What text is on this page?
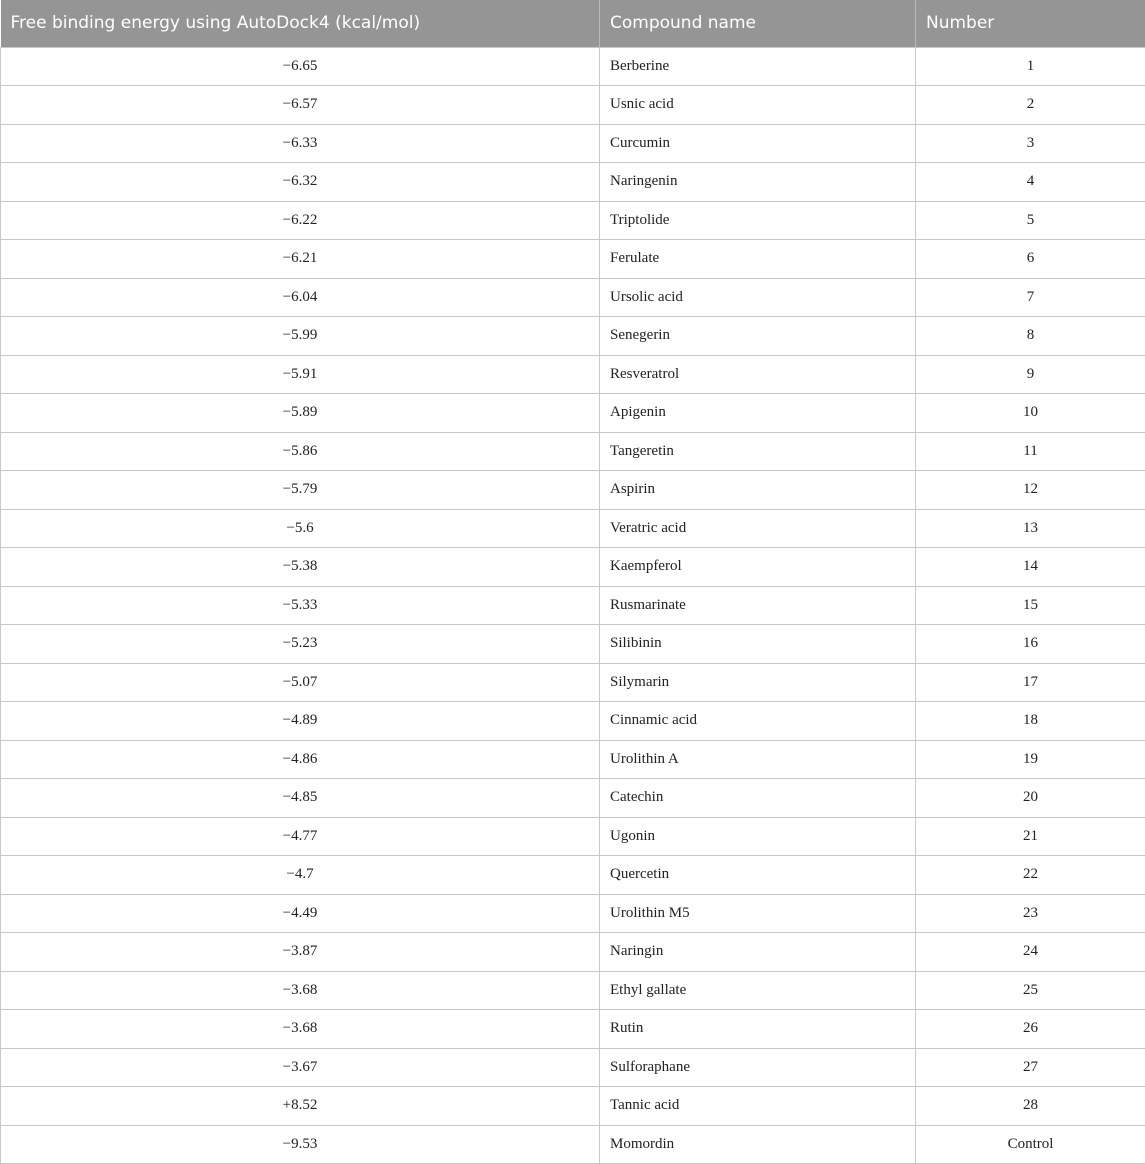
Free binding energy using AutoDock4 (kcal/mol)	Compound name	Number
−6.65	Berberine	1
−6.57	Usnic acid	2
−6.33	Curcumin	3
−6.32	Naringenin	4
−6.22	Triptolide	5
−6.21	Ferulate	6
−6.04	Ursolic acid	7
−5.99	Senegerin	8
−5.91	Resveratrol	9
−5.89	Apigenin	10
−5.86	Tangeretin	11
−5.79	Aspirin	12
−5.6	Veratric acid	13
−5.38	Kaempferol	14
−5.33	Rusmarinate	15
−5.23	Silibinin	16
−5.07	Silymarin	17
−4.89	Cinnamic acid	18
−4.86	Urolithin A	19
−4.85	Catechin	20
−4.77	Ugonin	21
−4.7	Quercetin	22
−4.49	Urolithin M5	23
−3.87	Naringin	24
−3.68	Ethyl gallate	25
−3.68	Rutin	26
−3.67	Sulforaphane	27
+8.52	Tannic acid	28
−9.53	Momordin	Control
